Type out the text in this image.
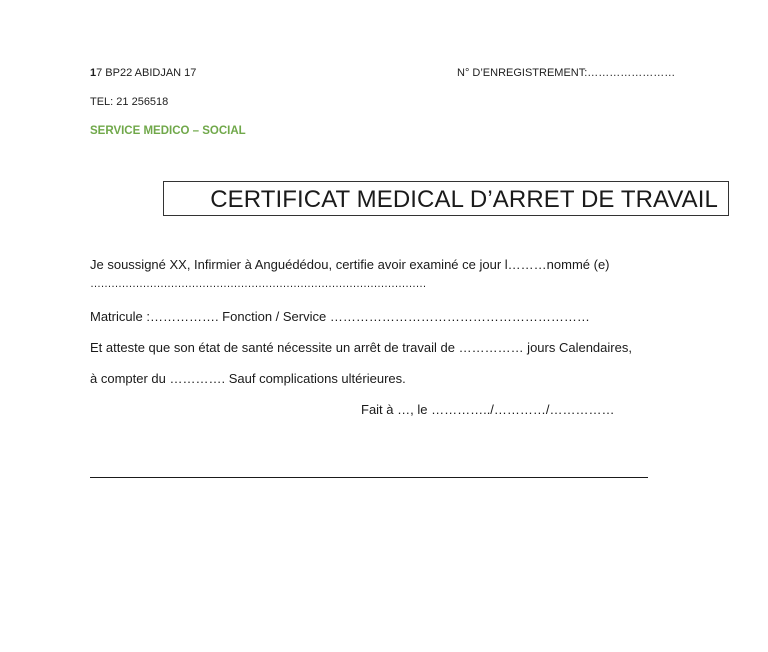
17 BP22 ABIDJAN 17	N° D’ENREGISTREMENT:……………………
TEL: 21 256518
SERVICE MEDICO – SOCIAL
CERTIFICAT MEDICAL D’ARRET DE TRAVAIL
Je soussigné XX, Infirmier à Anguédédou, certifie avoir examiné ce jour l………nommé (e)
……………………………………………………………………………………
Matricule :……………. Fonction / Service ……………………………………………………
Et atteste que son état de santé nécessite un arrêt de travail de …………… jours Calendaires,
à compter du …………. Sauf complications ultérieures.
Fait à …, le …………../…………/……………
